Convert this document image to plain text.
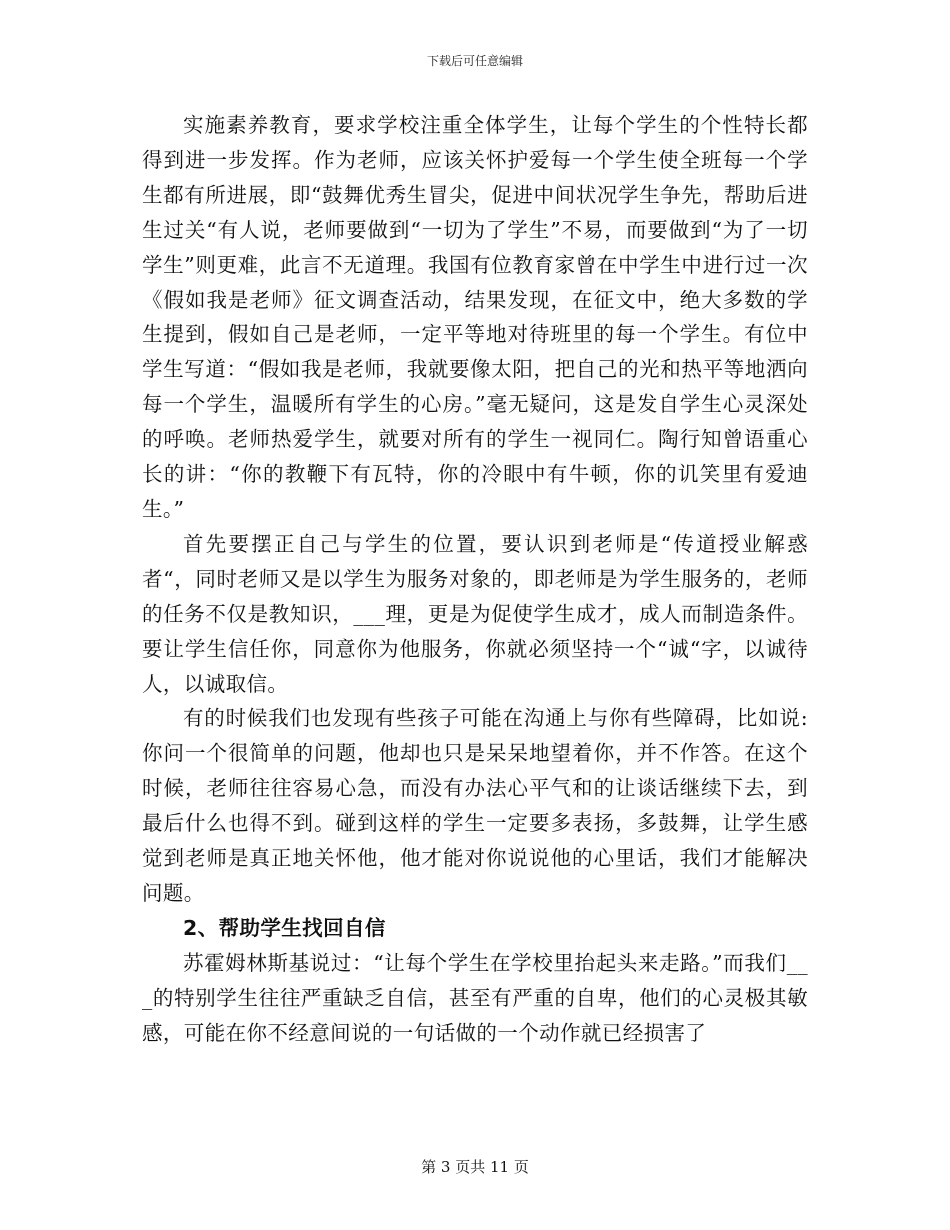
下载后可任意编辑

实施素养教育，要求学校注重全体学生，让每个学生的个性特长都得到进一步发挥。作为老师，应该关怀护爱每一个学生使全班每一个学生都有所进展，即“鼓舞优秀生冒尖，促进中间状况学生争先，帮助后进生过关“有人说，老师要做到“一切为了学生”不易，而要做到“为了一切学生”则更难，此言不无道理。我国有位教育家曾在中学生中进行过一次《假如我是老师》征文调查活动，结果发现，在征文中，绝大多数的学生提到，假如自己是老师，一定平等地对待班里的每一个学生。有位中学生写道：“假如我是老师，我就要像太阳，把自己的光和热平等地洒向每一个学生，温暖所有学生的心房。”毫无疑问，这是发自学生心灵深处的呼唤。老师热爱学生，就要对所有的学生一视同仁。陶行知曾语重心长的讲：“你的教鞭下有瓦特，你的冷眼中有牛顿，你的讥笑里有爱迪生。”

首先要摆正自己与学生的位置，要认识到老师是“传道授业解惑者“，同时老师又是以学生为服务对象的，即老师是为学生服务的，老师的任务不仅是教知识，___理，更是为促使学生成才，成人而制造条件。要让学生信任你，同意你为他服务，你就必须坚持一个“诚“字，以诚待人，以诚取信。

有的时候我们也发现有些孩子可能在沟通上与你有些障碍，比如说:你问一个很简单的问题，他却也只是呆呆地望着你，并不作答。在这个时候，老师往往容易心急，而没有办法心平气和的让谈话继续下去，到最后什么也得不到。碰到这样的学生一定要多表扬，多鼓舞，让学生感觉到老师是真正地关怀他，他才能对你说说他的心里话，我们才能解决问题。

2、帮助学生找回自信

苏霍姆林斯基说过：“让每个学生在学校里抬起头来走路。”而我们___的特别学生往往严重缺乏自信，甚至有严重的自卑，他们的心灵极其敏感，可能在你不经意间说的一句话做的一个动作就已经损害了

第 3 页共 11 页
